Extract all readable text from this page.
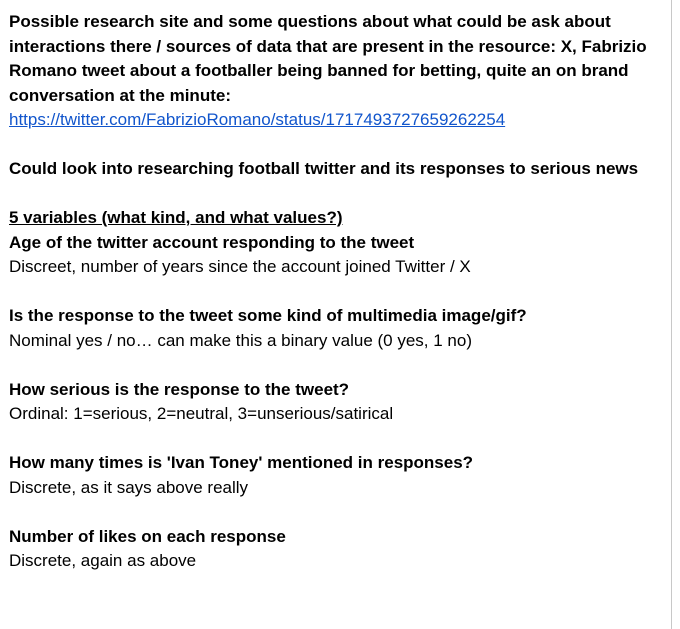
Possible research site and some questions about what could be ask about interactions there / sources of data that are present in the resource: X, Fabrizio Romano tweet about a footballer being banned for betting, quite an on brand conversation at the minute:

https://twitter.com/FabrizioRomano/status/1717493727659262254

Could look into researching football twitter and its responses to serious news

5 variables (what kind, and what values?)

Age of the twitter account responding to the tweet

Discreet, number of years since the account joined Twitter / X

Is the response to the tweet some kind of multimedia image/gif?

Nominal yes / no… can make this a binary value (0 yes, 1 no)

How serious is the response to the tweet?

Ordinal: 1=serious, 2=neutral, 3=unserious/satirical

How many times is 'Ivan Toney' mentioned in responses?

Discrete, as it says above really

Number of likes on each response

Discrete, again as above
